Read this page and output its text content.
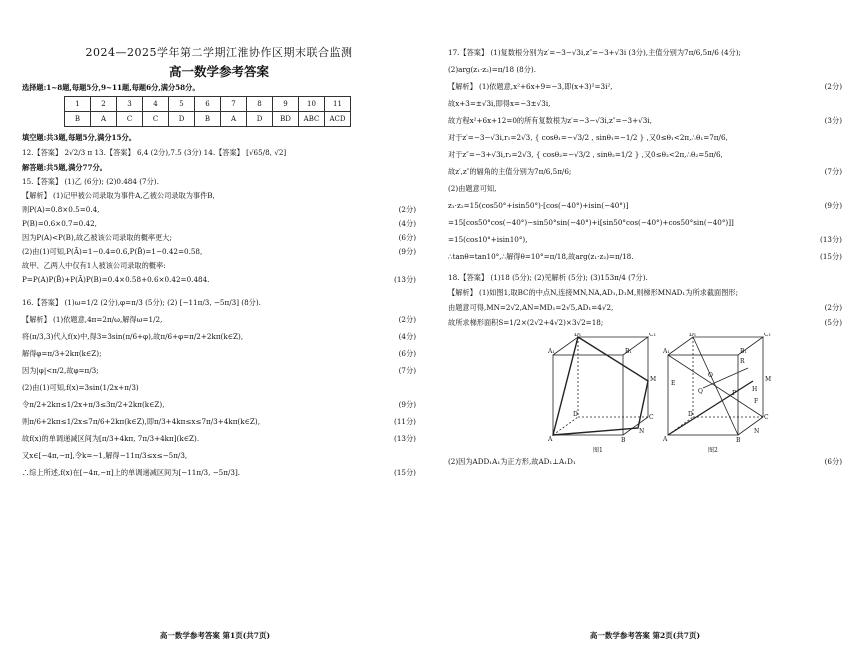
2024—2025学年第二学期江淮协作区期末联合监测
高一数学参考答案
选择题:1~8题,每题5分,9~11题,每题6分,满分58分。
1	2	3	4	5	6	7	8	9	10	11
B	A	C	C	D	B	A	D	BD	ABC	ACD
填空题:共3题,每题5分,满分15分。
12.【答案】 2√2/3 π 13.【答案】 6,4 (2分),7.5 (3分) 14.【答案】 [√65/8, √2]
解答题:共5题,满分77分。
15.【答案】 (1)乙 (6分); (2)0.484 (7分).
【解析】 (1)记甲被公司录取为事件A,乙被公司录取为事件B,
则P(A)=0.8×0.5=0.4,	(2分)
P(B)=0.6×0.7=0.42,	(4分)
因为P(A)<P(B),故乙被该公司录取的概率更大;	(6分)
(2)由(1)可知,P(Ā)=1−0.4=0.6,P(B̄)=1−0.42=0.58,	(9分)
故甲、乙两人中仅有1人被该公司录取的概率:
P=P(A)P(B̄)+P(Ā)P(B)=0.4×0.58+0.6×0.42=0.484.	(13分)
16.【答案】 (1)ω=1/2 (2分),φ=π/3 (5分); (2) [−11π/3, −5π/3] (8分).
【解析】 (1)依题意,4π=2π/ω,解得ω=1/2,	(2分)
将(π/3,3)代入f(x)中,得3=3sin(π/6+φ),故π/6+φ=π/2+2kπ(k∈Z),	(4分)
解得φ=π/3+2kπ(k∈Z);	(6分)
因为|φ|<π/2,故φ=π/3;	(7分)
(2)由(1)可知,f(x)=3sin(1/2x+π/3)
令π/2+2kπ≤1/2x+π/3≤3π/2+2kπ(k∈Z),	(9分)
则π/6+2kπ≤1/2x≤7π/6+2kπ(k∈Z),即π/3+4kπ≤x≤7π/3+4kπ(k∈Z),	(11分)
故f(x)的单调递减区间为[π/3+4kπ, 7π/3+4kπ](k∈Z).	(13分)
又x∈[−4π,−π],令k=−1,解得−11π/3≤x≤−5π/3,
∴综上所述,f(x)在[−4π,−π]上的单调递减区间为[−11π/3, −5π/3].	(15分)
高一数学参考答案 第1页(共7页)
17.【答案】 (1)复数根分别为z′=−3−√3i,z″=−3+√3i (3分),主值分别为7π/6,5π/6 (4分);
(2)arg(z₁·z₂)=π/18 (8分).
【解析】 (1)依题意,x²+6x+9=−3,即(x+3)²=3i²,	(2分)
故x+3=±√3i,即得x=−3±√3i,
故方程x²+6x+12=0的所有复数根为z′=−3−√3i,z″=−3+√3i,	(3分)
对于z′=−3−√3i,r₁=2√3, { cosθ₁=−√3/2 , sinθ₁=−1/2 } ,又0≤θ₁<2π,∴θ₁=7π/6,
对于z″=−3+√3i,r₂=2√3, { cosθ₂=−√3/2 , sinθ₂=1/2 } ,又0≤θ₂<2π,∴θ₂=5π/6,
故z′,z″的辐角的主值分别为7π/6,5π/6;	(7分)
(2)由题意可知,
z₁·z₂=15(cos50°+isin50°)·[cos(−40°)+isin(−40°)]	(9分)
=15[cos50°cos(−40°)−sin50°sin(−40°)+i[sin50°cos(−40°)+cos50°sin(−40°)]]
=15(cos10°+isin10°),	(13分)
∴tanθ=tan10°,∴解得θ=10°=π/18,故arg(z₁·z₂)=π/18.	(15分)
18.【答案】 (1)18 (5分); (2)见解析 (5分); (3)153π/4 (7分).
【解析】 (1)如图1,取BC的中点N,连接MN,NA,AD₁,D₁M,则梯形MNAD₁为所求截面图形;
(2分)
由题意可得,MN=2√2,AN=MD₁=2√5,AD₁=4√2,
故所求梯形面积S=1/2×(2√2+4√2)×3√2=18;	(5分)
D₁	C₁
A₁	B₁
M
D	C
A	B
N
D₁	C₁
A₁	B₁
R
O
H
M
P
Q
D	C
A	B
N
E
F
图1	图2
(2)因为ADD₁A₁为正方形,故AD₁⊥A₁D₁	(6分)
高一数学参考答案 第2页(共7页)
